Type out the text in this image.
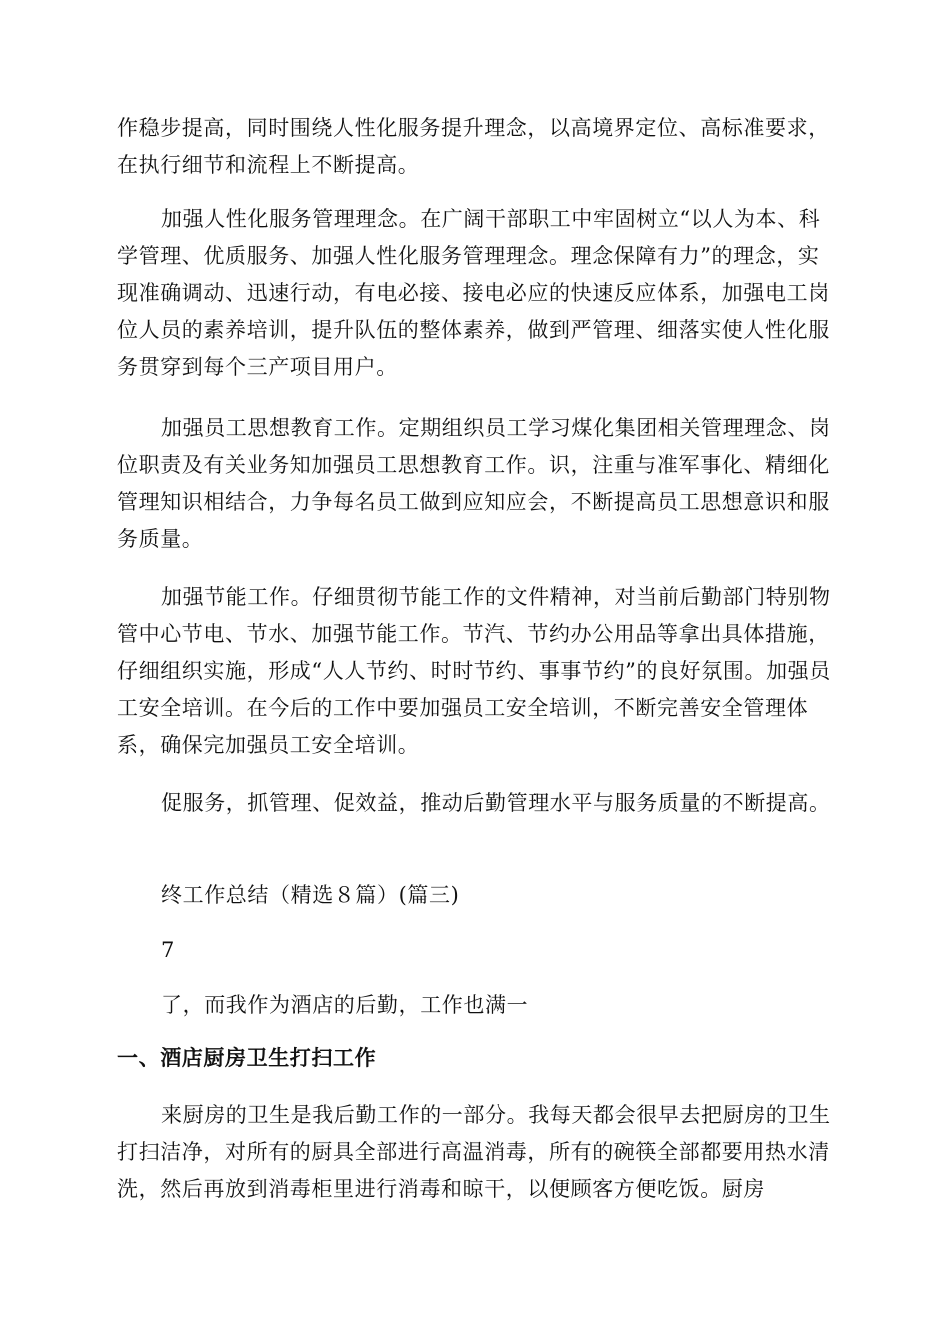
作稳步提高，同时围绕人性化服务提升理念，以高境界定位、高标准要求，在执行细节和流程上不断提高。

加强人性化服务管理理念。在广阔干部职工中牢固树立“以人为本、科学管理、优质服务、加强人性化服务管理理念。理念保障有力”的理念，实现准确调动、迅速行动，有电必接、接电必应的快速反应体系，加强电工岗位人员的素养培训，提升队伍的整体素养，做到严管理、细落实使人性化服务贯穿到每个三产项目用户。

加强员工思想教育工作。定期组织员工学习煤化集团相关管理理念、岗位职责及有关业务知加强员工思想教育工作。识，注重与准军事化、精细化管理知识相结合，力争每名员工做到应知应会，不断提高员工思想意识和服务质量。

加强节能工作。仔细贯彻节能工作的文件精神，对当前后勤部门特别物管中心节电、节水、加强节能工作。节汽、节约办公用品等拿出具体措施，仔细组织实施，形成“人人节约、时时节约、事事节约”的良好氛围。加强员工安全培训。在今后的工作中要加强员工安全培训，不断完善安全管理体系，确保完加强员工安全培训。

促服务，抓管理、促效益，推动后勤管理水平与服务质量的不断提高。

终工作总结（精选８篇）(篇三)

7

了，而我作为酒店的后勤，工作也满一

一、酒店厨房卫生打扫工作

来厨房的卫生是我后勤工作的一部分。我每天都会很早去把厨房的卫生打扫洁净，对所有的厨具全部进行高温消毒，所有的碗筷全部都要用热水清洗，然后再放到消毒柜里进行消毒和晾干，以便顾客方便吃饭。厨房
